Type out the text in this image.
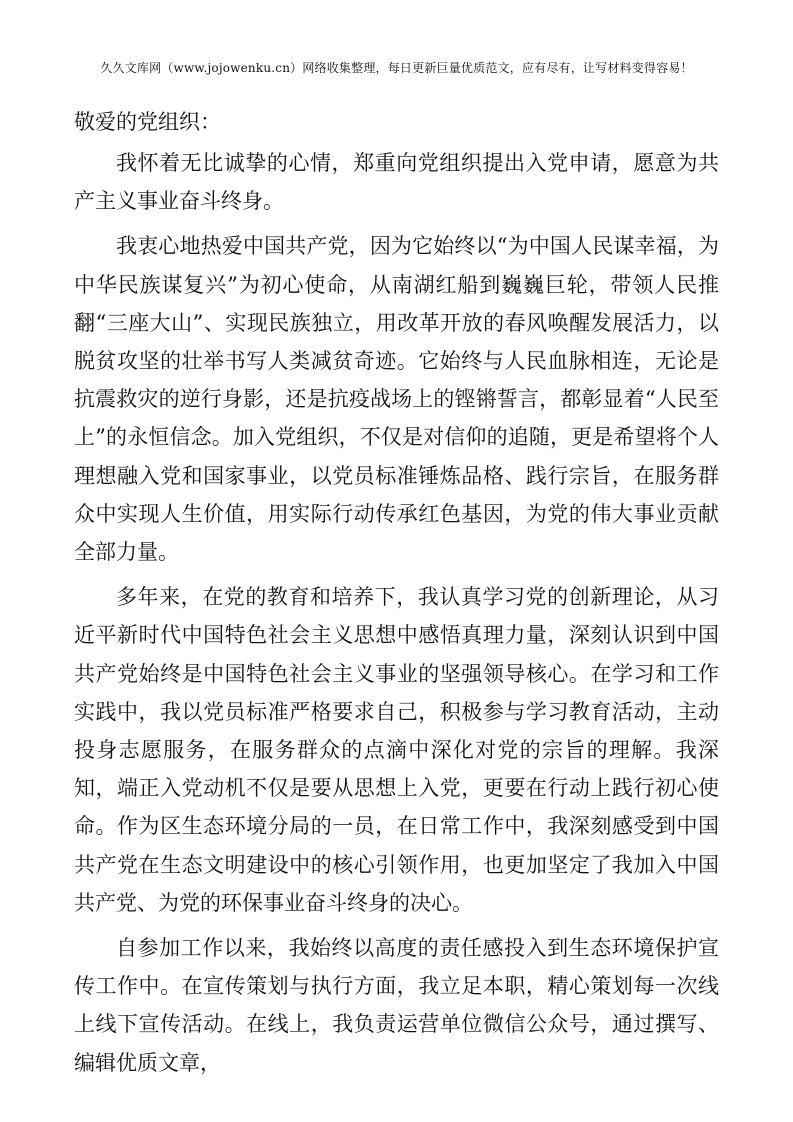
久久文库网（www.jojowenku.cn）网络收集整理，每日更新巨量优质范文，应有尽有，让写材料变得容易！
敬爱的党组织：

我怀着无比诚挚的心情，郑重向党组织提出入党申请，愿意为共产主义事业奋斗终身。

我衷心地热爱中国共产党，因为它始终以“为中国人民谋幸福，为中华民族谋复兴”为初心使命，从南湖红船到巍巍巨轮，带领人民推翻“三座大山”、实现民族独立，用改革开放的春风唤醒发展活力，以脱贫攻坚的壮举书写人类减贫奇迹。它始终与人民血脉相连，无论是抗震救灾的逆行身影，还是抗疫战场上的铿锵誓言，都彰显着“人民至上”的永恒信念。加入党组织，不仅是对信仰的追随，更是希望将个人理想融入党和国家事业，以党员标准锤炼品格、践行宗旨，在服务群众中实现人生价值，用实际行动传承红色基因，为党的伟大事业贡献全部力量。

多年来，在党的教育和培养下，我认真学习党的创新理论，从习近平新时代中国特色社会主义思想中感悟真理力量，深刻认识到中国共产党始终是中国特色社会主义事业的坚强领导核心。在学习和工作实践中，我以党员标准严格要求自己，积极参与学习教育活动，主动投身志愿服务，在服务群众的点滴中深化对党的宗旨的理解。我深知，端正入党动机不仅是要从思想上入党，更要在行动上践行初心使命。作为区生态环境分局的一员，在日常工作中，我深刻感受到中国共产党在生态文明建设中的核心引领作用，也更加坚定了我加入中国共产党、为党的环保事业奋斗终身的决心。

自参加工作以来，我始终以高度的责任感投入到生态环境保护宣传工作中。在宣传策划与执行方面，我立足本职，精心策划每一次线上线下宣传活动。在线上，我负责运营单位微信公众号，通过撰写、编辑优质文章，
